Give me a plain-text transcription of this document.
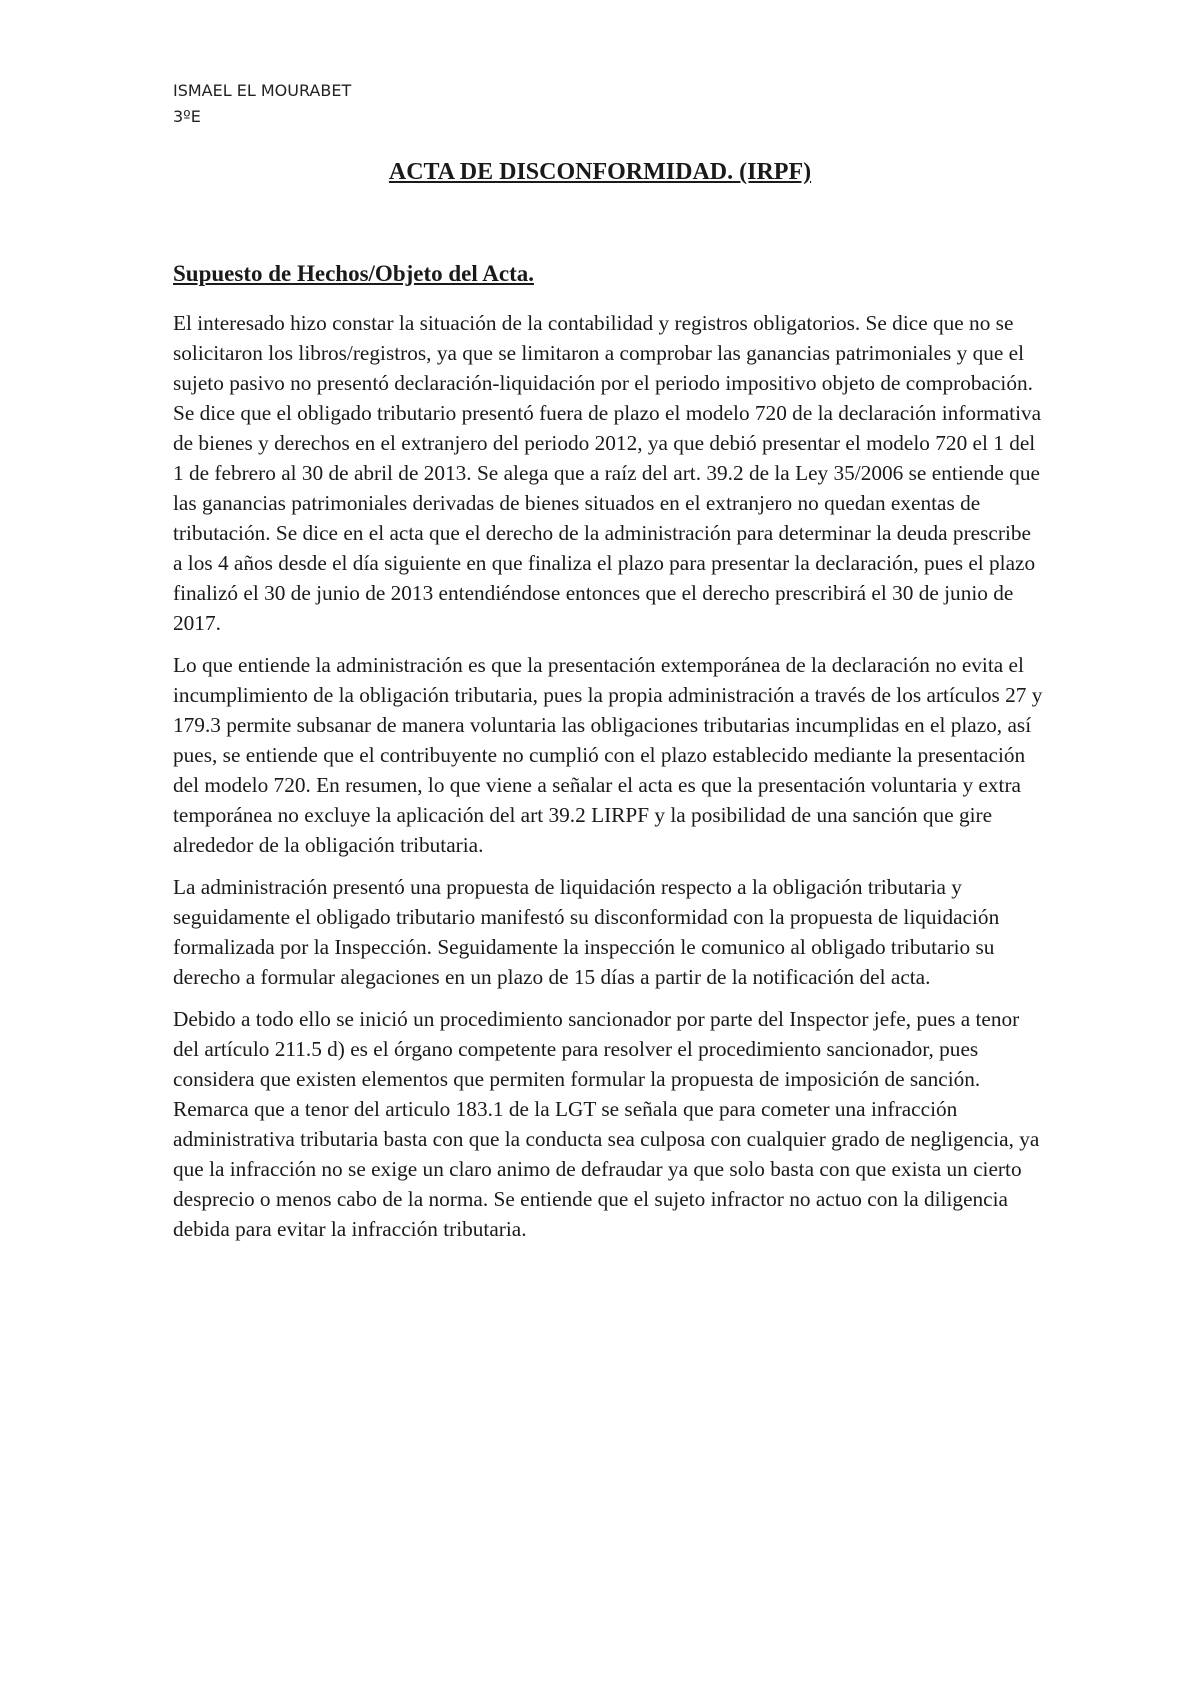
ISMAEL EL MOURABET
3ºE
ACTA DE DISCONFORMIDAD. (IRPF)
Supuesto de Hechos/Objeto del Acta.

El interesado hizo constar la situación de la contabilidad y registros obligatorios. Se dice que no se solicitaron los libros/registros, ya que se limitaron a comprobar las ganancias patrimoniales y que el sujeto pasivo no presentó declaración-liquidación por el periodo impositivo objeto de comprobación. Se dice que el obligado tributario presentó fuera de plazo el modelo 720 de la declaración informativa de bienes y derechos en el extranjero del periodo 2012, ya que debió presentar el modelo 720 el 1 del 1 de febrero al 30 de abril de 2013. Se alega que a raíz del art. 39.2 de la Ley 35/2006 se entiende que las ganancias patrimoniales derivadas de bienes situados en el extranjero no quedan exentas de tributación. Se dice en el acta que el derecho de la administración para determinar la deuda prescribe a los 4 años desde el día siguiente en que finaliza el plazo para presentar la declaración, pues el plazo finalizó el 30 de junio de 2013 entendiéndose entonces que el derecho prescribirá el 30 de junio de 2017.

Lo que entiende la administración es que la presentación extemporánea de la declaración no evita el incumplimiento de la obligación tributaria, pues la propia administración a través de los artículos 27 y 179.3 permite subsanar de manera voluntaria las obligaciones tributarias incumplidas en el plazo, así pues, se entiende que el contribuyente no cumplió con el plazo establecido mediante la presentación del modelo 720. En resumen, lo que viene a señalar el acta es que la presentación voluntaria y extra temporánea no excluye la aplicación del art 39.2 LIRPF y la posibilidad de una sanción que gire alrededor de la obligación tributaria.

La administración presentó una propuesta de liquidación respecto a la obligación tributaria y seguidamente el obligado tributario manifestó su disconformidad con la propuesta de liquidación formalizada por la Inspección. Seguidamente la inspección le comunico al obligado tributario su derecho a formular alegaciones en un plazo de 15 días a partir de la notificación del acta.

Debido a todo ello se inició un procedimiento sancionador por parte del Inspector jefe, pues a tenor del artículo 211.5 d) es el órgano competente para resolver el procedimiento sancionador, pues considera que existen elementos que permiten formular la propuesta de imposición de sanción. Remarca que a tenor del articulo 183.1 de la LGT se señala que para cometer una infracción administrativa tributaria basta con que la conducta sea culposa con cualquier grado de negligencia, ya que la infracción no se exige un claro animo de defraudar ya que solo basta con que exista un cierto desprecio o menos cabo de la norma. Se entiende que el sujeto infractor no actuo con la diligencia debida para evitar la infracción tributaria.
